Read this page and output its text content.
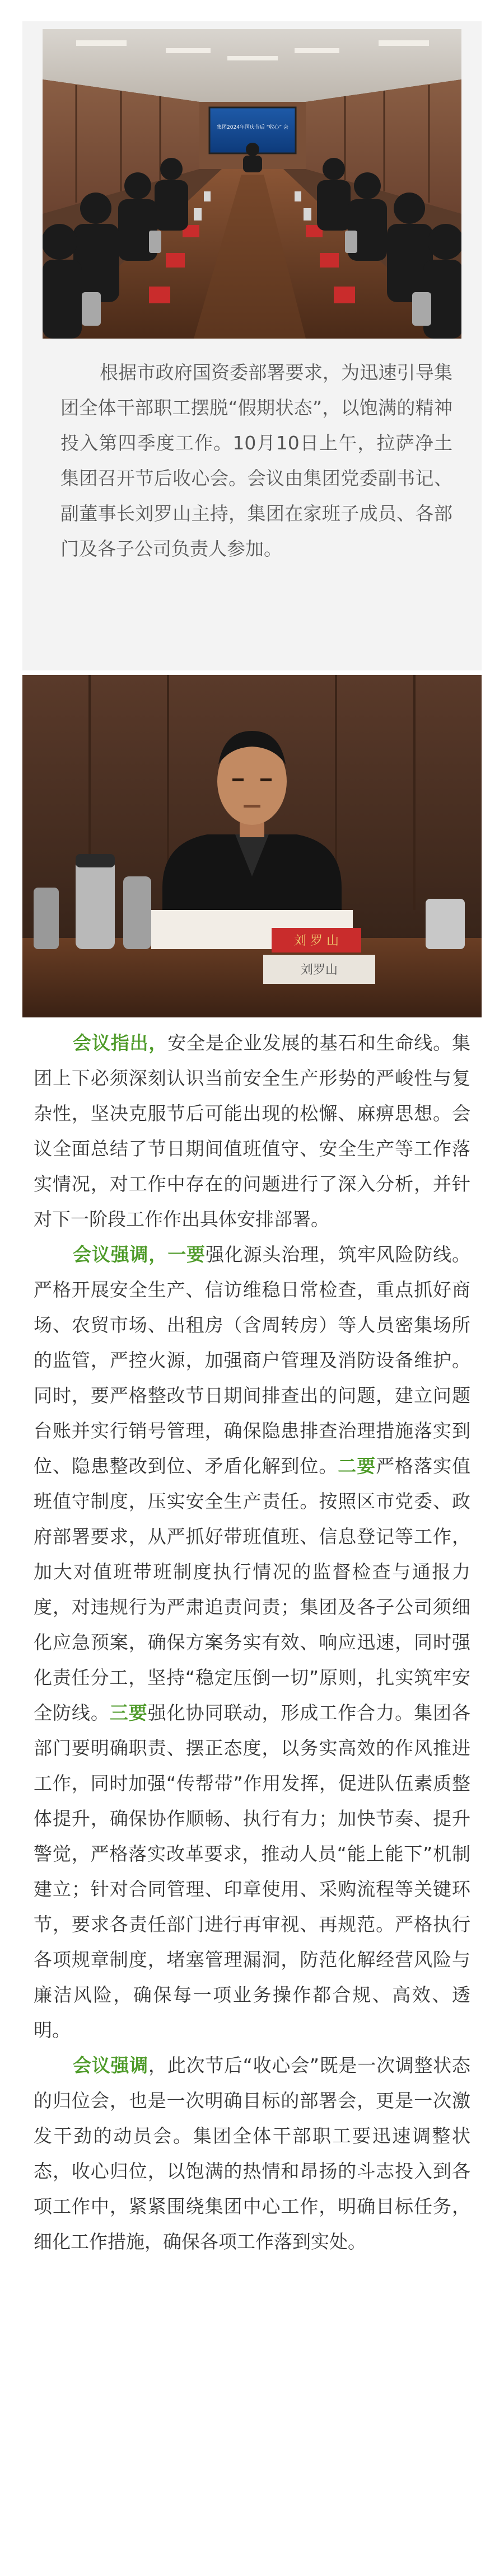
集团2024年国庆节后 “收心” 会

根据市政府国资委部署要求，为迅速引导集团全体干部职工摆脱“假期状态”，以饱满的精神投入第四季度工作。10月10日上午，拉萨净土集团召开节后收心会。会议由集团党委副书记、副董事长刘罗山主持，集团在家班子成员、各部门及各子公司负责人参加。

刘 罗 山
刘罗山

会议指出，安全是企业发展的基石和生命线。集团上下必须深刻认识当前安全生产形势的严峻性与复杂性，坚决克服节后可能出现的松懈、麻痹思想。会议全面总结了节日期间值班值守、安全生产等工作落实情况，对工作中存在的问题进行了深入分析，并针对下一阶段工作作出具体安排部署。

会议强调，一要强化源头治理，筑牢风险防线。严格开展安全生产、信访维稳日常检查，重点抓好商场、农贸市场、出租房（含周转房）等人员密集场所的监管，严控火源，加强商户管理及消防设备维护。同时，要严格整改节日期间排查出的问题，建立问题台账并实行销号管理，确保隐患排查治理措施落实到位、隐患整改到位、矛盾化解到位。二要严格落实值班值守制度，压实安全生产责任。按照区市党委、政府部署要求，从严抓好带班值班、信息登记等工作，加大对值班带班制度执行情况的监督检查与通报力度，对违规行为严肃追责问责；集团及各子公司须细化应急预案，确保方案务实有效、响应迅速，同时强化责任分工，坚持“稳定压倒一切”原则，扎实筑牢安全防线。三要强化协同联动，形成工作合力。集团各部门要明确职责、摆正态度，以务实高效的作风推进工作，同时加强“传帮带”作用发挥，促进队伍素质整体提升，确保协作顺畅、执行有力；加快节奏、提升警觉，严格落实改革要求，推动人员“能上能下”机制建立；针对合同管理、印章使用、采购流程等关键环节，要求各责任部门进行再审视、再规范。严格执行各项规章制度，堵塞管理漏洞，防范化解经营风险与廉洁风险，确保每一项业务操作都合规、高效、透明。

会议强调，此次节后“收心会”既是一次调整状态的归位会，也是一次明确目标的部署会，更是一次激发干劲的动员会。集团全体干部职工要迅速调整状态，收心归位，以饱满的热情和昂扬的斗志投入到各项工作中，紧紧围绕集团中心工作，明确目标任务，细化工作措施，确保各项工作落到实处。
